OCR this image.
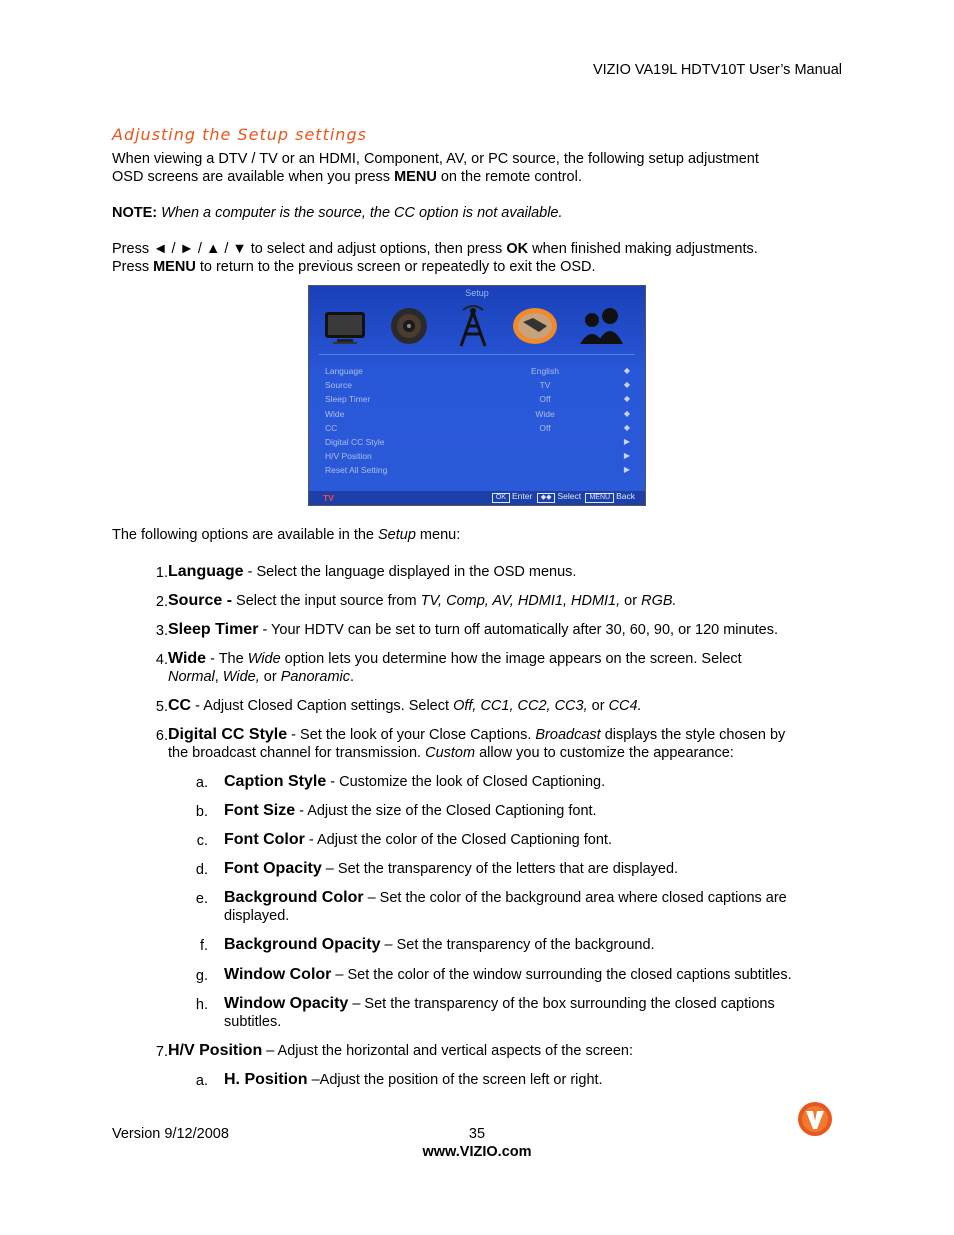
VIZIO VA19L HDTV10T User’s Manual
Adjusting the Setup settings
When viewing a DTV / TV or an HDMI, Component, AV, or PC source, the following setup adjustment
OSD screens are available when you press MENU on the remote control.
NOTE: When a computer is the source, the CC option is not available.
Press ◄ / ► / ▲ / ▼ to select and adjust options, then press OK when finished making adjustments.
Press MENU to return to the previous screen or repeatedly to exit the OSD.
Setup
Language	English	◆
Source	TV	◆
Sleep Timer	Off	◆
Wide	Wide	◆
CC	Off	◆
Digital CC Style	▶
H/V Position	▶
Reset All Setting	▶
TV	OK Enter ◆◆ Select MENU Back
The following options are available in the Setup menu:
1. Language - Select the language displayed in the OSD menus.
2. Source - Select the input source from TV, Comp, AV, HDMI1, HDMI1, or RGB.
3. Sleep Timer - Your HDTV can be set to turn off automatically after 30, 60, 90, or 120 minutes.
4. Wide - The Wide option lets you determine how the image appears on the screen. Select
Normal, Wide, or Panoramic.
5. CC - Adjust Closed Caption settings. Select Off, CC1, CC2, CC3, or CC4.
6. Digital CC Style - Set the look of your Close Captions. Broadcast displays the style chosen by
the broadcast channel for transmission. Custom allow you to customize the appearance:
a. Caption Style - Customize the look of Closed Captioning.
b. Font Size - Adjust the size of the Closed Captioning font.
c. Font Color - Adjust the color of the Closed Captioning font.
d. Font Opacity – Set the transparency of the letters that are displayed.
e. Background Color – Set the color of the background area where closed captions are
displayed.
f. Background Opacity – Set the transparency of the background.
g. Window Color – Set the color of the window surrounding the closed captions subtitles.
h. Window Opacity – Set the transparency of the box surrounding the closed captions
subtitles.
7. H/V Position – Adjust the horizontal and vertical aspects of the screen:
a. H. Position –Adjust the position of the screen left or right.
Version 9/12/2008	35
www.VIZIO.com
